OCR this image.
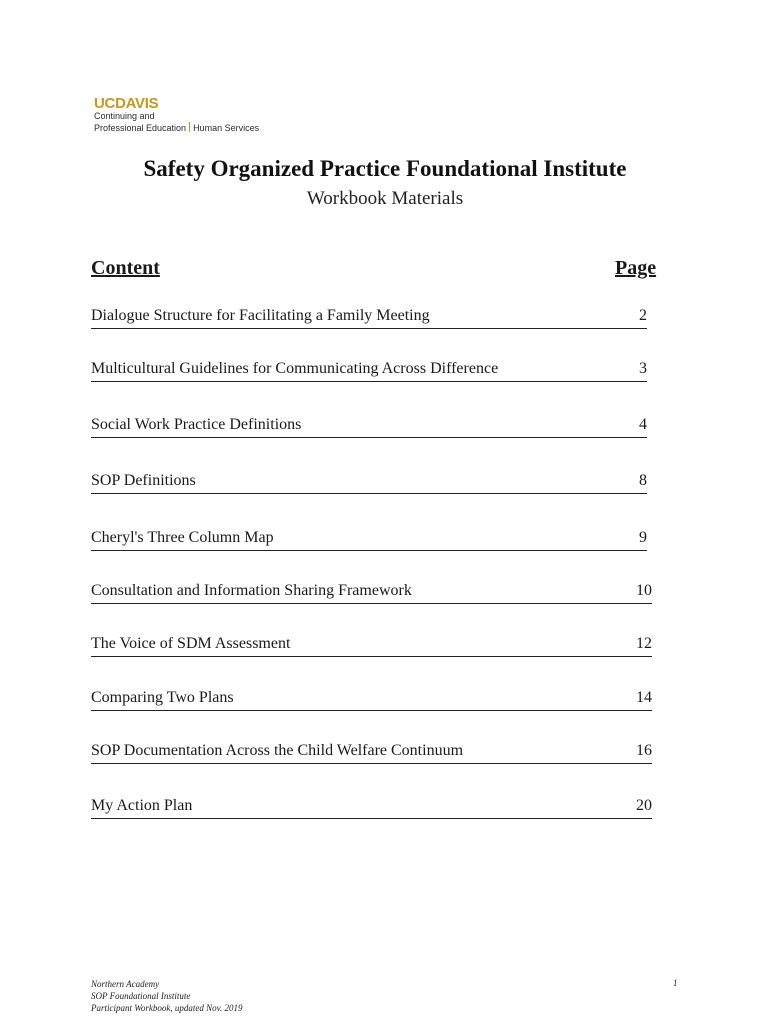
UCDAVIS
Continuing and
Professional Education Human Services
Safety Organized Practice Foundational Institute
Workbook Materials
Content	Page
Dialogue Structure for Facilitating a Family Meeting	2
Multicultural Guidelines for Communicating Across Difference	3
Social Work Practice Definitions	4
SOP Definitions	8
Cheryl's Three Column Map	9
Consultation and Information Sharing Framework	10
The Voice of SDM Assessment	12
Comparing Two Plans	14
SOP Documentation Across the Child Welfare Continuum	16
My Action Plan	20
Northern Academy
SOP Foundational Institute
Participant Workbook, updated Nov. 2019
1
